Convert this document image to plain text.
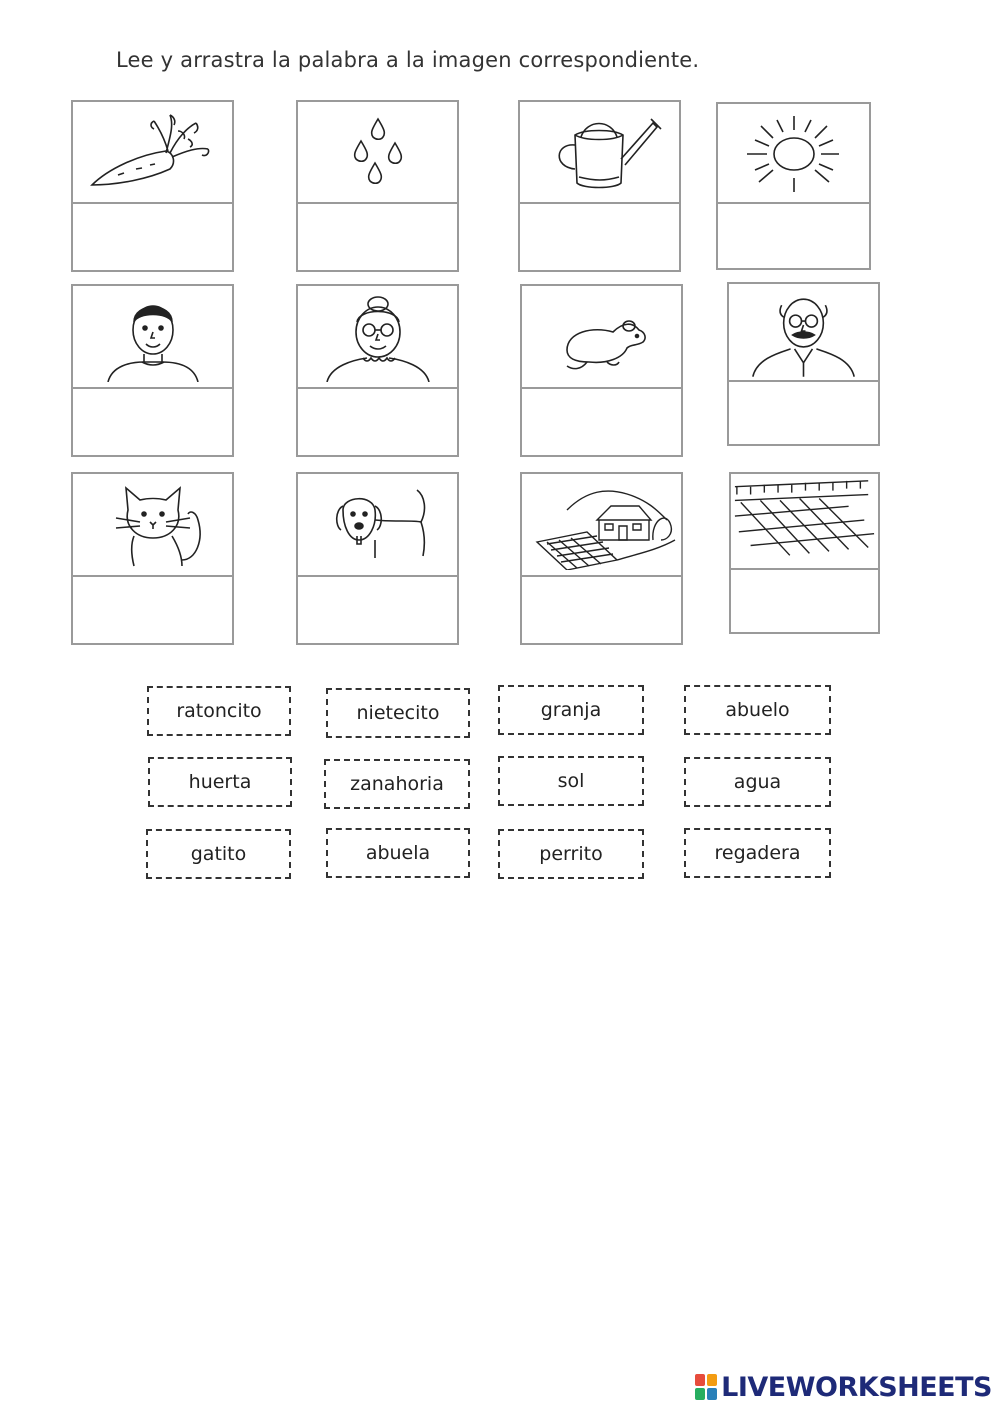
Lee y arrastra la palabra a la imagen correspondiente.

ratoncito	nietecito	granja	abuelo
huerta	zanahoria	sol	agua
gatito	abuela	perrito	regadera
LIVEWORKSHEETS
